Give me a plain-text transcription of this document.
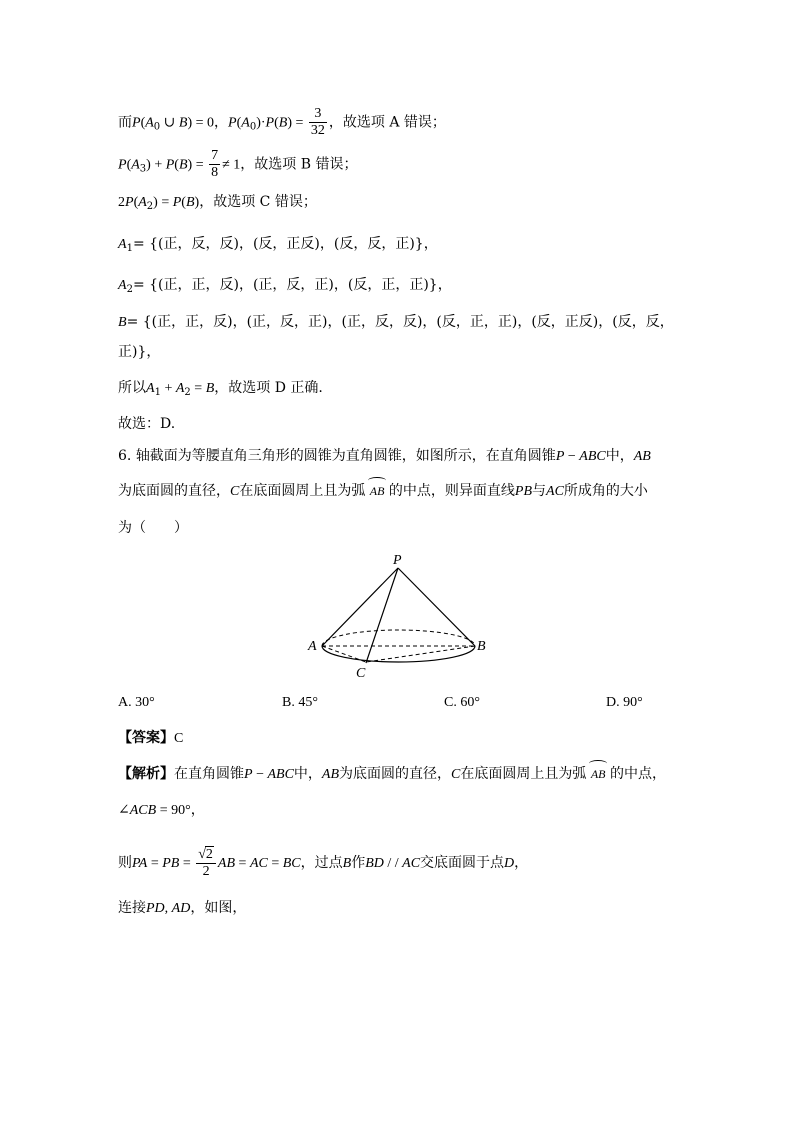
而$P(A_0$ ∪ B) = 0，$P(A_0)\cdot P(B) = \frac{3}{32}$ ，故选项 A 错误；
$P(A_3) + P(B) = \frac{7}{8} \ne 1$，故选项 B 错误；
$2P(A_2) = P(B)$，故选项 C 错误；
$A_1=$ {(正，反，反)，(反，正反)，(反，反，正)}，
$A_2=$ {(正，正，反)，(正，反，正)，(反，正，正)}，
B= {(正，正，反)，(正，反，正)，(正，反，反)，(反，正，正)，(反，正反)，(反，反，
正)}，
所以$A_1 + A_2 = B$，故选项 D 正确.
故选：D.
6. 轴截面为等腰直角三角形的圆锥为直角圆锥，如图所示，在直角圆锥P − ABC中，AB
为底面圆的直径，C在底面圆周上且为弧 AB 的中点，则异面直线PB与AC所成角的大小
为（　　）
P
A	B
C
A. 30°	B. 45°	C. 60°	D. 90°
【答案】C
【解析】在直角圆锥P − ABC中，AB为底面圆的直径，C在底面圆周上且为弧 AB 的中点，
∠ACB = 90°，
则PA = PB = $\frac{√2}{2}$ AB = AC = BC，过点B作BD / / AC交底面圆于点D，
连接PD, AD，如图，
